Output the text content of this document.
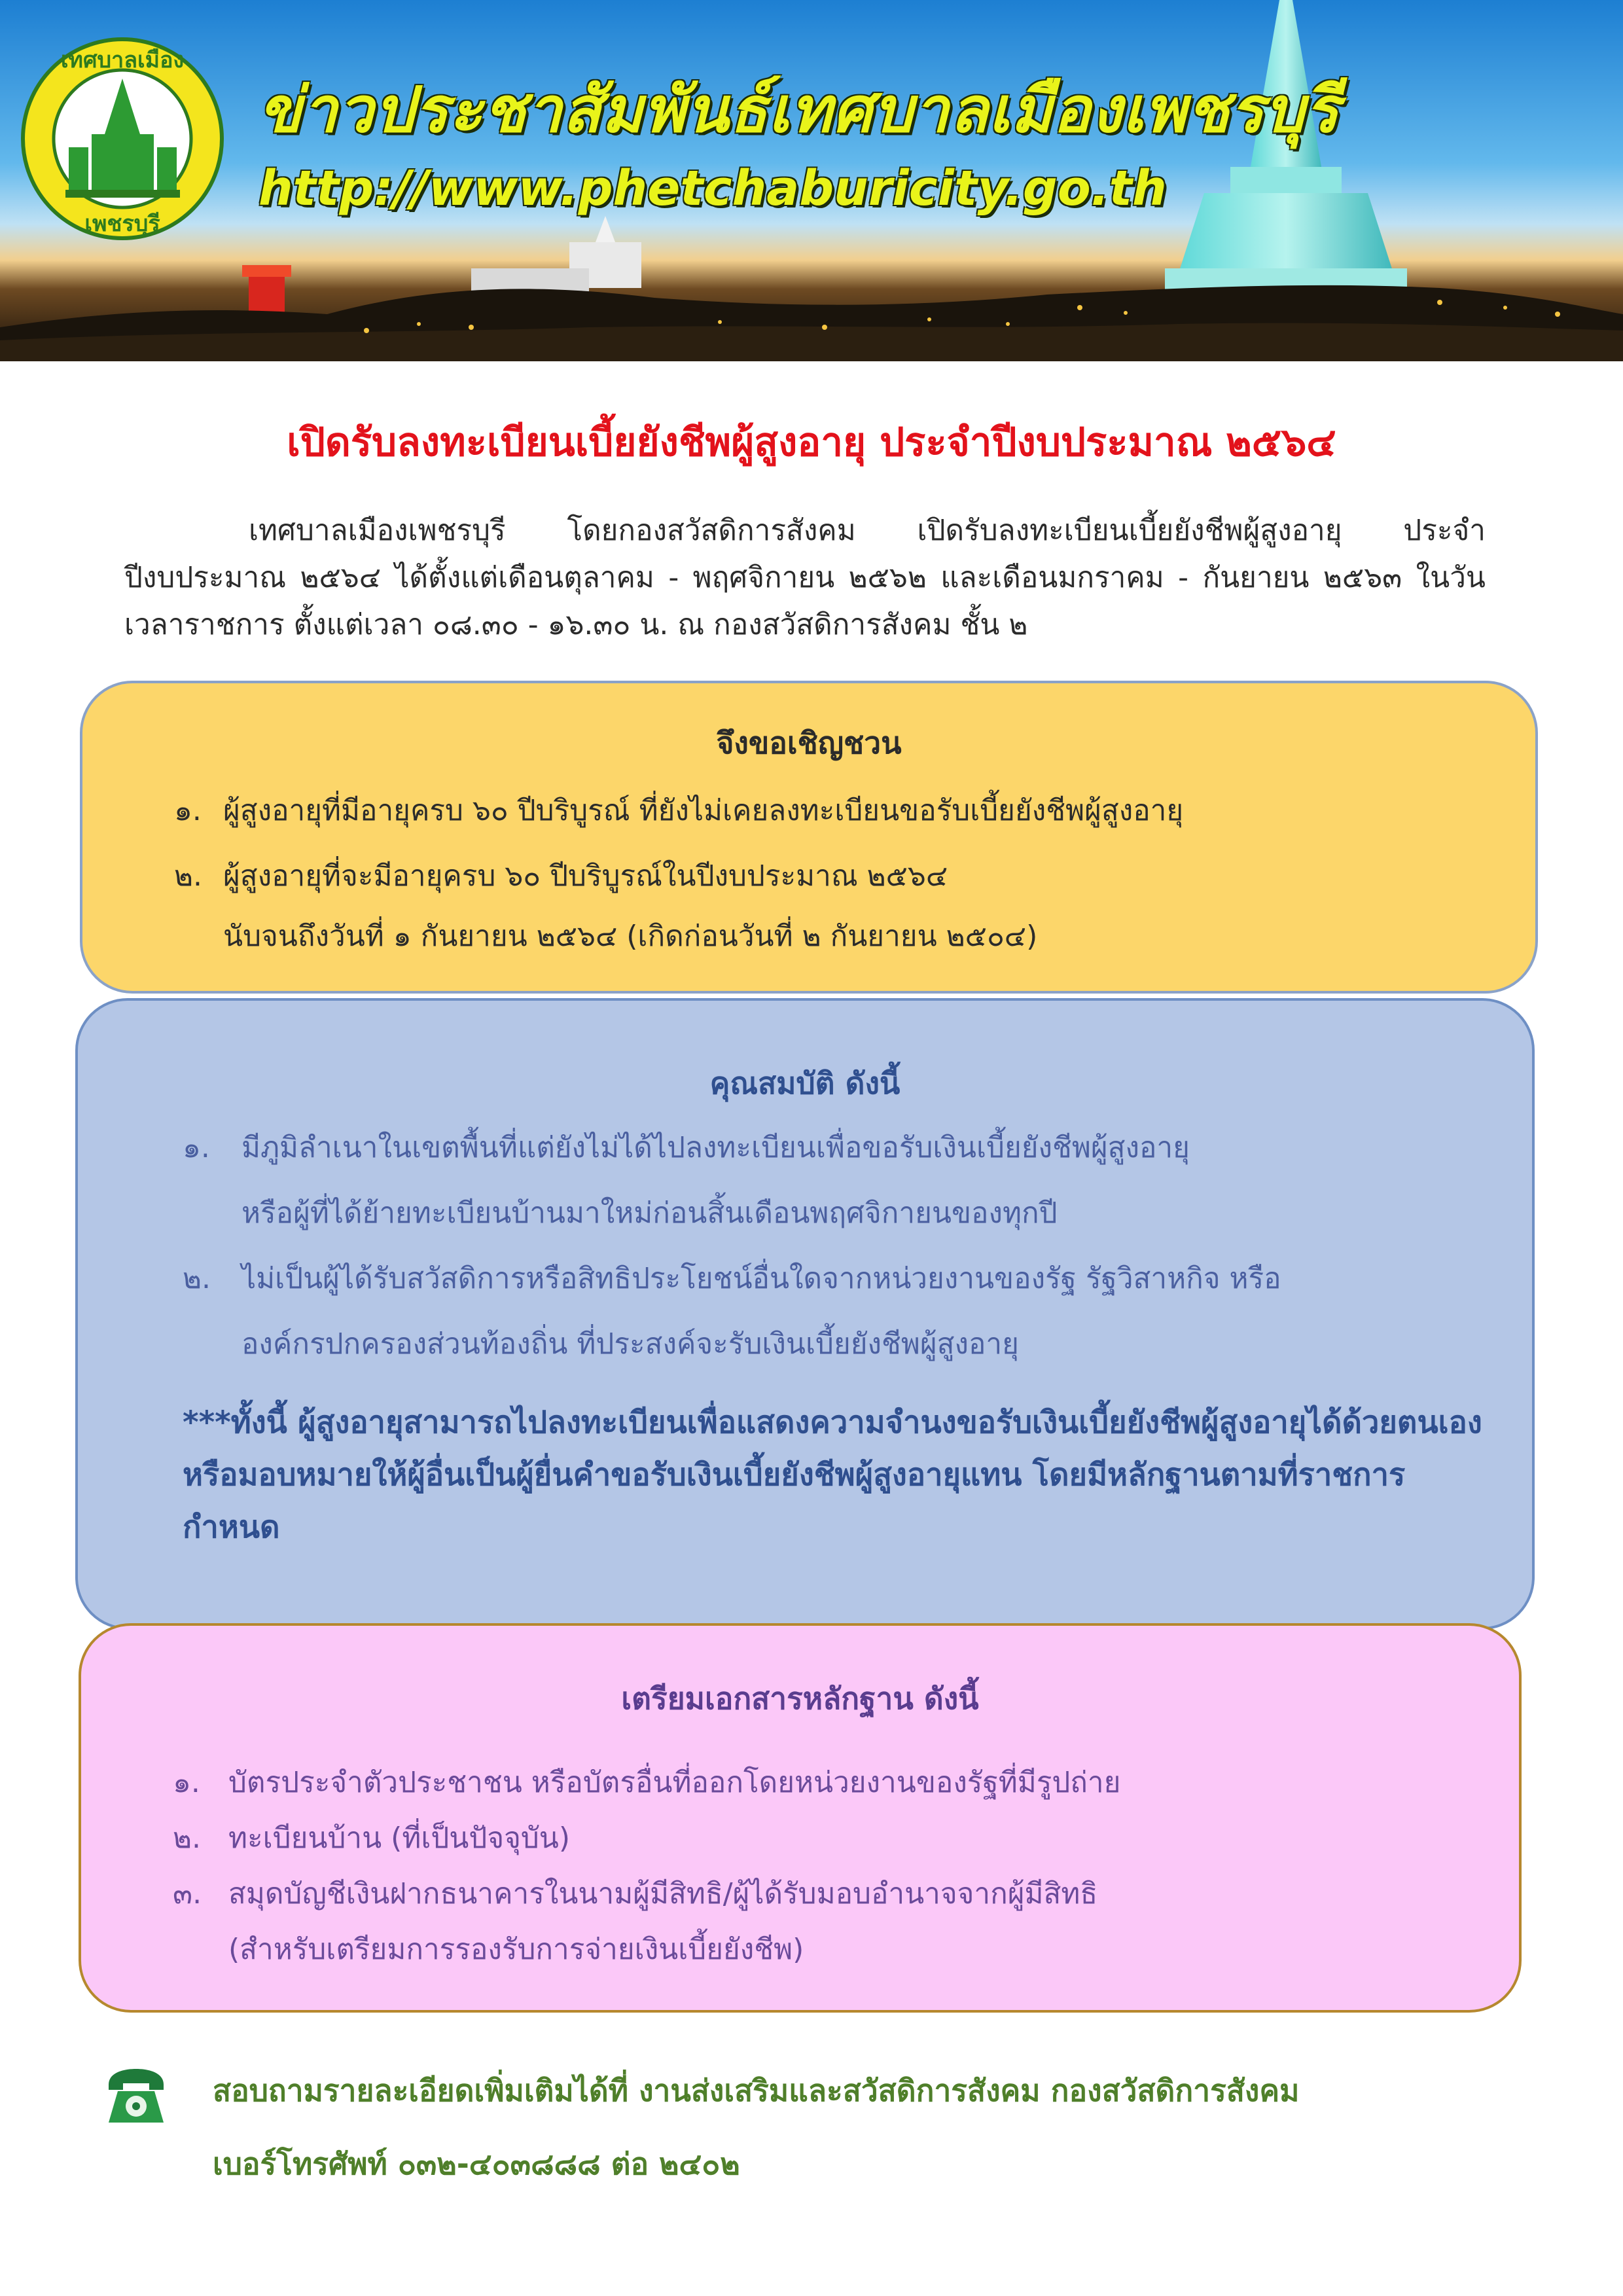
เทศบาลเมือง
เพชรบุรี
ข่าวประชาสัมพันธ์เทศบาลเมืองเพชรบุรี
http://www.phetchaburicity.go.th
เปิดรับลงทะเบียนเบี้ยยังชีพผู้สูงอายุ ประจำปีงบประมาณ ๒๕๖๔

เทศบาลเมืองเพชรบุรี โดยกองสวัสดิการสังคม เปิดรับลงทะเบียนเบี้ยยังชีพผู้สูงอายุ ประจำปีงบประมาณ ๒๕๖๔ ได้ตั้งแต่เดือนตุลาคม - พฤศจิกายน ๒๕๖๒ และเดือนมกราคม - กันยายน ๒๕๖๓ ในวันเวลาราชการ ตั้งแต่เวลา ๐๘.๓๐ - ๑๖.๓๐ น. ณ กองสวัสดิการสังคม ชั้น ๒

จึงขอเชิญชวน
๑. ผู้สูงอายุที่มีอายุครบ ๖๐ ปีบริบูรณ์ ที่ยังไม่เคยลงทะเบียนขอรับเบี้ยยังชีพผู้สูงอายุ
๒. ผู้สูงอายุที่จะมีอายุครบ ๖๐ ปีบริบูรณ์ในปีงบประมาณ ๒๕๖๔
นับจนถึงวันที่ ๑ กันยายน ๒๕๖๔ (เกิดก่อนวันที่ ๒ กันยายน ๒๕๐๔)
คุณสมบัติ ดังนี้
๑. มีภูมิลำเนาในเขตพื้นที่แต่ยังไม่ได้ไปลงทะเบียนเพื่อขอรับเงินเบี้ยยังชีพผู้สูงอายุ
หรือผู้ที่ได้ย้ายทะเบียนบ้านมาใหม่ก่อนสิ้นเดือนพฤศจิกายนของทุกปี
๒. ไม่เป็นผู้ได้รับสวัสดิการหรือสิทธิประโยชน์อื่นใดจากหน่วยงานของรัฐ รัฐวิสาหกิจ หรือ
องค์กรปกครองส่วนท้องถิ่น ที่ประสงค์จะรับเงินเบี้ยยังชีพผู้สูงอายุ

***ทั้งนี้ ผู้สูงอายุสามารถไปลงทะเบียนเพื่อแสดงความจำนงขอรับเงินเบี้ยยังชีพผู้สูงอายุได้ด้วยตนเอง หรือมอบหมายให้ผู้อื่นเป็นผู้ยื่นคำขอรับเงินเบี้ยยังชีพผู้สูงอายุแทน โดยมีหลักฐานตามที่ราชการกำหนด

เตรียมเอกสารหลักฐาน ดังนี้
๑. บัตรประจำตัวประชาชน หรือบัตรอื่นที่ออกโดยหน่วยงานของรัฐที่มีรูปถ่าย
๒. ทะเบียนบ้าน (ที่เป็นปัจจุบัน)
๓. สมุดบัญชีเงินฝากธนาคารในนามผู้มีสิทธิ/ผู้ได้รับมอบอำนาจจากผู้มีสิทธิ
(สำหรับเตรียมการรองรับการจ่ายเงินเบี้ยยังชีพ)

สอบถามรายละเอียดเพิ่มเติมได้ที่ งานส่งเสริมและสวัสดิการสังคม กองสวัสดิการสังคม

เบอร์โทรศัพท์ ๐๓๒-๔๐๓๘๘๘ ต่อ ๒๔๐๒
